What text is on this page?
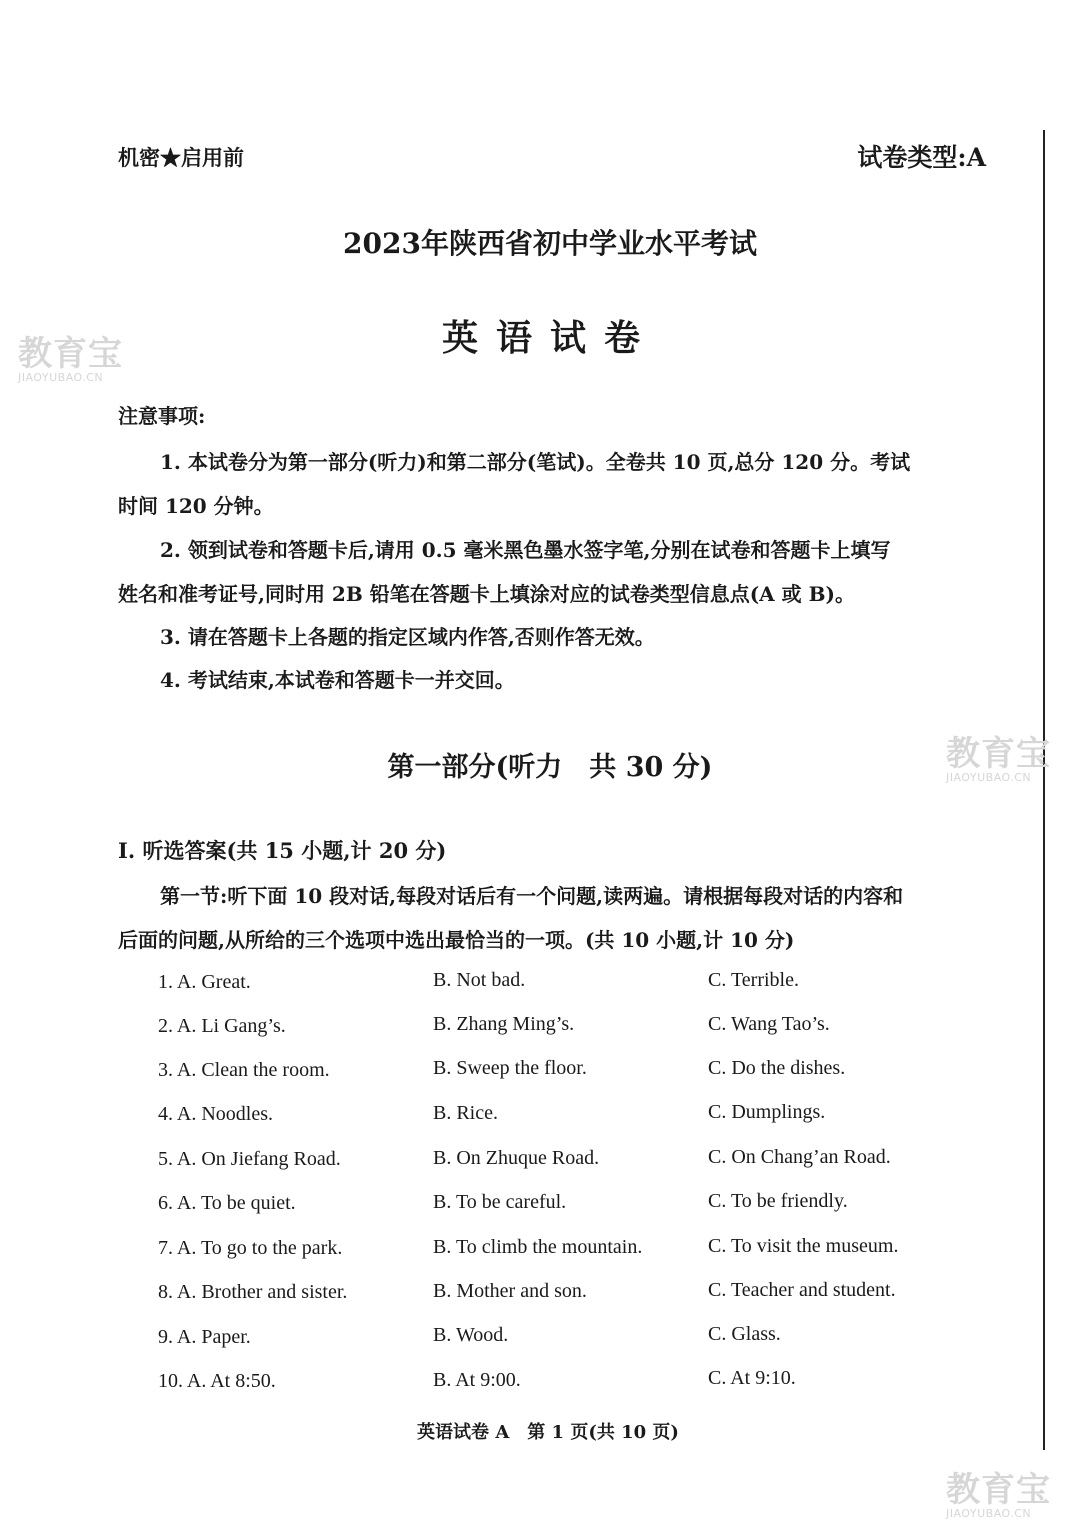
机密★启用前	试卷类型:A
2023年陕西省初中学业水平考试
英语试卷
注意事项:
1. 本试卷分为第一部分(听力)和第二部分(笔试)。全卷共 10 页,总分 120 分。考试
时间 120 分钟。
2. 领到试卷和答题卡后,请用 0.5 毫米黑色墨水签字笔,分别在试卷和答题卡上填写
姓名和准考证号,同时用 2B 铅笔在答题卡上填涂对应的试卷类型信息点(A 或 B)。
3. 请在答题卡上各题的指定区域内作答,否则作答无效。
4. 考试结束,本试卷和答题卡一并交回。
第一部分(听力　共 30 分)
Ⅰ. 听选答案(共 15 小题,计 20 分)
第一节:听下面 10 段对话,每段对话后有一个问题,读两遍。请根据每段对话的内容和
后面的问题,从所给的三个选项中选出最恰当的一项。(共 10 小题,计 10 分)
1. A. Great.	B. Not bad.	C. Terrible.
2. A. Li Gang’s.	B. Zhang Ming’s.	C. Wang Tao’s.
3. A. Clean the room.	B. Sweep the floor.	C. Do the dishes.
4. A. Noodles.	B. Rice.	C. Dumplings.
5. A. On Jiefang Road.	B. On Zhuque Road.	C. On Chang’an Road.
6. A. To be quiet.	B. To be careful.	C. To be friendly.
7. A. To go to the park.	B. To climb the mountain.	C. To visit the museum.
8. A. Brother and sister.	B. Mother and son.	C. Teacher and student.
9. A. Paper.	B. Wood.	C. Glass.
10. A. At 8:50.	B. At 9:00.	C. At 9:10.
英语试卷 A　第 1 页(共 10 页)
教育宝
JIAOYUBAO.CN
教育宝
JIAOYUBAO.CN
教育宝
JIAOYUBAO.CN
